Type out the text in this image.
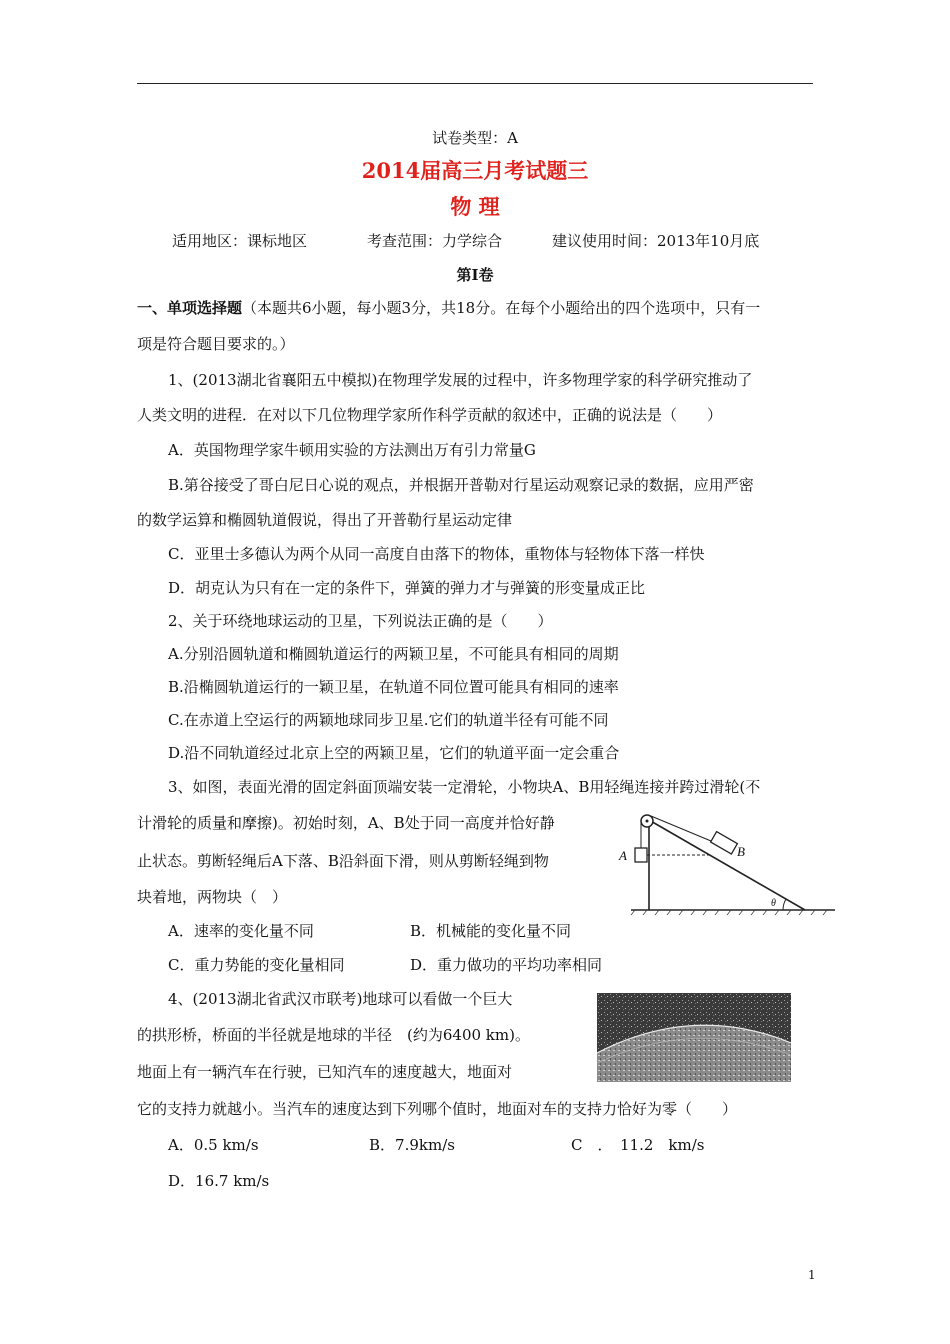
试卷类型：A
2014届高三月考试题三
物 理
适用地区：课标地区	考查范围：力学综合	建议使用时间：2013年10月底
第Ⅰ卷
一、单项选择题（本题共6小题，每小题3分，共18分。在每个小题给出的四个选项中，只有一
项是符合题目要求的。）
1、(2013湖北省襄阳五中模拟)在物理学发展的过程中，许多物理学家的科学研究推动了
人类文明的进程．在对以下几位物理学家所作科学贡献的叙述中，正确的说法是（　　）
A．英国物理学家牛顿用实验的方法测出万有引力常量G
B.第谷接受了哥白尼日心说的观点，并根据开普勒对行星运动观察记录的数据，应用严密
的数学运算和椭圆轨道假说，得出了开普勒行星运动定律
C．亚里士多德认为两个从同一高度自由落下的物体，重物体与轻物体下落一样快
D．胡克认为只有在一定的条件下，弹簧的弹力才与弹簧的形变量成正比
2、关于环绕地球运动的卫星，下列说法正确的是（　　）
A.分别沿圆轨道和椭圆轨道运行的两颖卫星，不可能具有相同的周期
B.沿椭圆轨道运行的一颖卫星，在轨道不同位置可能具有相同的速率
C.在赤道上空运行的两颖地球同步卫星.它们的轨道半径有可能不同
D.沿不同轨道经过北京上空的两颖卫星，它们的轨道平面一定会重合
3、如图，表面光滑的固定斜面顶端安装一定滑轮，小物块A、B用轻绳连接并跨过滑轮(不
计滑轮的质量和摩擦)。初始时刻，A、B处于同一高度并恰好静
止状态。剪断轻绳后A下落、B沿斜面下滑，则从剪断轻绳到物
块着地，两物块（　）
A	B
θ
A．速率的变化量不同	B．机械能的变化量不同
C．重力势能的变化量相同	D．重力做功的平均功率相同
4、(2013湖北省武汉市联考)地球可以看做一个巨大
的拱形桥，桥面的半径就是地球的半径　(约为6400 km)。
地面上有一辆汽车在行驶，已知汽车的速度越大，地面对
它的支持力就越小。当汽车的速度达到下列哪个值时，地面对车的支持力恰好为零（　　）
A．0.5 km/s	B．7.9km/s	C　．　11.2　km/s
D．16.7 km/s
1
